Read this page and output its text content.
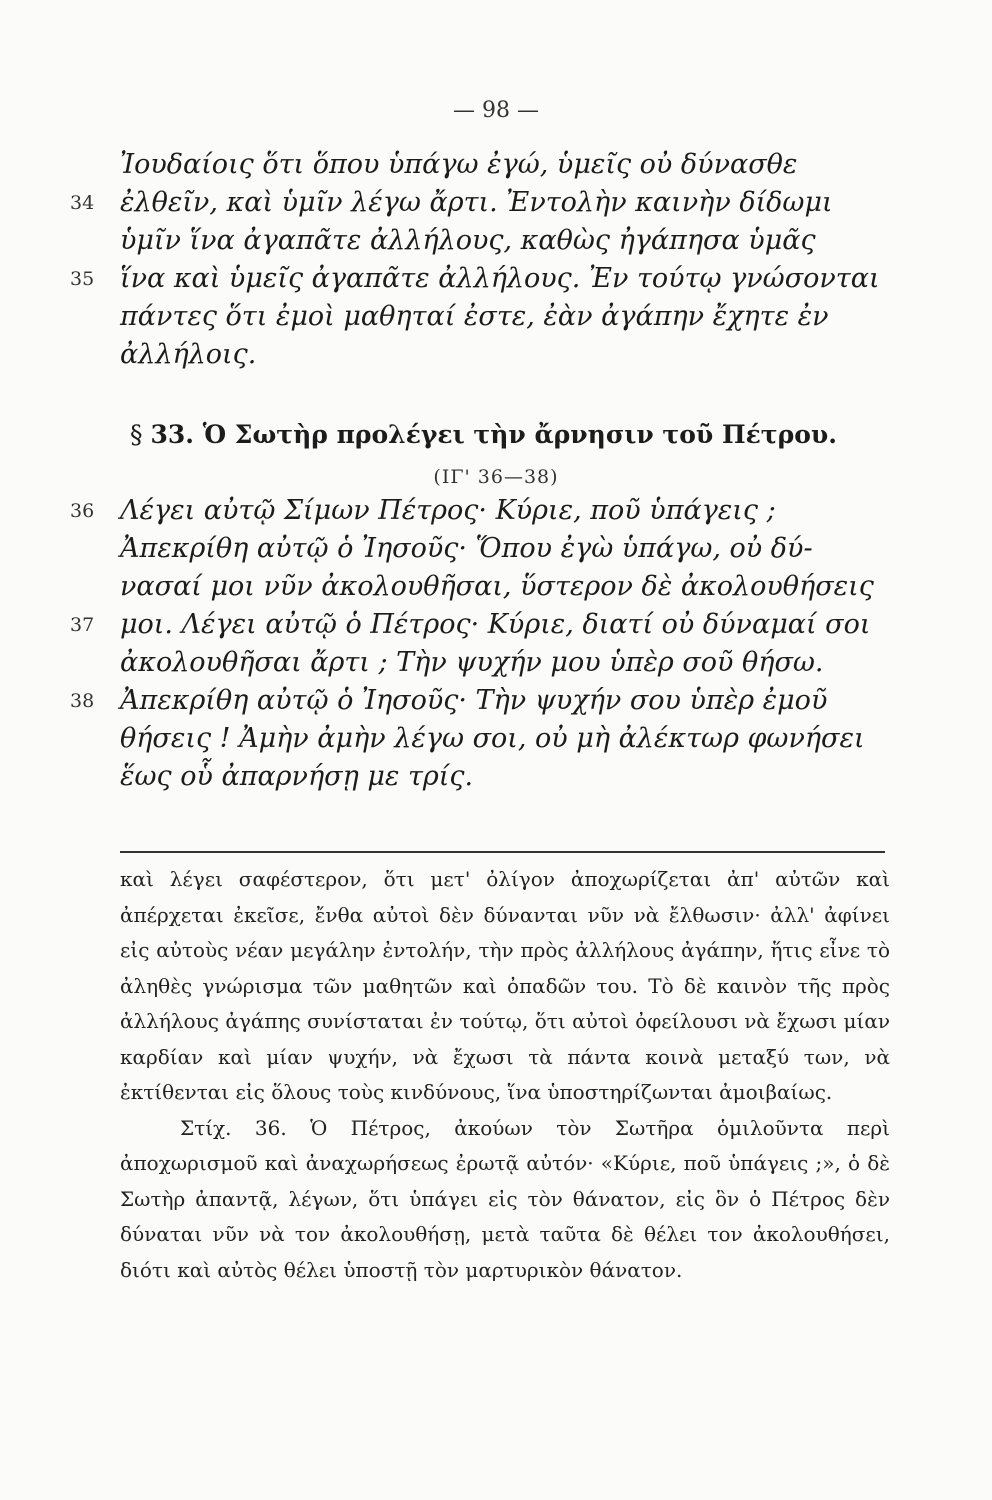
— 98 —
Ἰουδαίοις ὅτι ὅπου ὑπάγω ἐγώ, ὑμεῖς οὐ δύνασθε
34 ἐλθεῖν, καὶ ὑμῖν λέγω ἄρτι. Ἐντολὴν καινὴν δίδωμι
ὑμῖν ἵνα ἀγαπᾶτε ἀλλήλους, καθὼς ἠγάπησα ὑμᾶς
35 ἵνα καὶ ὑμεῖς ἀγαπᾶτε ἀλλήλους. Ἐν τούτῳ γνώσονται
πάντες ὅτι ἐμοὶ μαθηταί ἐστε, ἐὰν ἀγάπην ἔχητε ἐν
ἀλλήλοις.
§ 33. Ὁ Σωτὴρ προλέγει τὴν ἄρνησιν τοῦ Πέτρου.
(ΙΓ' 36—38)
36 Λέγει αὐτῷ Σίμων Πέτρος· Κύριε, ποῦ ὑπάγεις ;
Ἀπεκρίθη αὐτῷ ὁ Ἰησοῦς· Ὅπου ἐγὼ ὑπάγω, οὐ δύ-
νασαί μοι νῦν ἀκολουθῆσαι, ὕστερον δὲ ἀκολουθήσεις
37 μοι. Λέγει αὐτῷ ὁ Πέτρος· Κύριε, διατί οὐ δύναμαί σοι
ἀκολουθῆσαι ἄρτι ; Τὴν ψυχήν μου ὑπὲρ σοῦ θήσω.
38 Ἀπεκρίθη αὐτῷ ὁ Ἰησοῦς· Τὴν ψυχήν σου ὑπὲρ ἐμοῦ
θήσεις ! Ἀμὴν ἀμὴν λέγω σοι, οὐ μὴ ἀλέκτωρ φωνήσει
ἕως οὗ ἀπαρνήσῃ με τρίς.

καὶ λέγει σαφέστερον, ὅτι μετ' ὀλίγον ἀποχωρίζεται ἀπ' αὐτῶν καὶ ἀπέρχεται ἐκεῖσε, ἔνθα αὐτοὶ δὲν δύνανται νῦν νὰ ἔλθωσιν· ἀλλ' ἀφίνει εἰς αὐτοὺς νέαν μεγάλην ἐντολήν, τὴν πρὸς ἀλλήλους ἀγάπην, ἥτις εἶνε τὸ ἀληθὲς γνώρισμα τῶν μαθητῶν καὶ ὀπαδῶν του. Τὸ δὲ καινὸν τῆς πρὸς ἀλλήλους ἀγάπης συνίσταται ἐν τούτῳ, ὅτι αὐτοὶ ὀφείλουσι νὰ ἔχωσι μίαν καρδίαν καὶ μίαν ψυχήν, νὰ ἔχωσι τὰ πάντα κοινὰ μεταξύ των, νὰ ἐκτίθενται εἰς ὅλους τοὺς κινδύνους, ἵνα ὑποστηρίζωνται ἀμοιβαίως.

Στίχ. 36. Ὁ Πέτρος, ἀκούων τὸν Σωτῆρα ὁμιλοῦντα περὶ ἀποχωρισμοῦ καὶ ἀναχωρήσεως ἐρωτᾷ αὐτόν· «Κύριε, ποῦ ὑπάγεις ;», ὁ δὲ Σωτὴρ ἀπαντᾷ, λέγων, ὅτι ὑπάγει εἰς τὸν θάνατον, εἰς ὃν ὁ Πέτρος δὲν δύναται νῦν νὰ τον ἀκολουθήσῃ, μετὰ ταῦτα δὲ θέλει τον ἀκολουθήσει, διότι καὶ αὐτὸς θέλει ὑποστῇ τὸν μαρτυρικὸν θάνατον.
